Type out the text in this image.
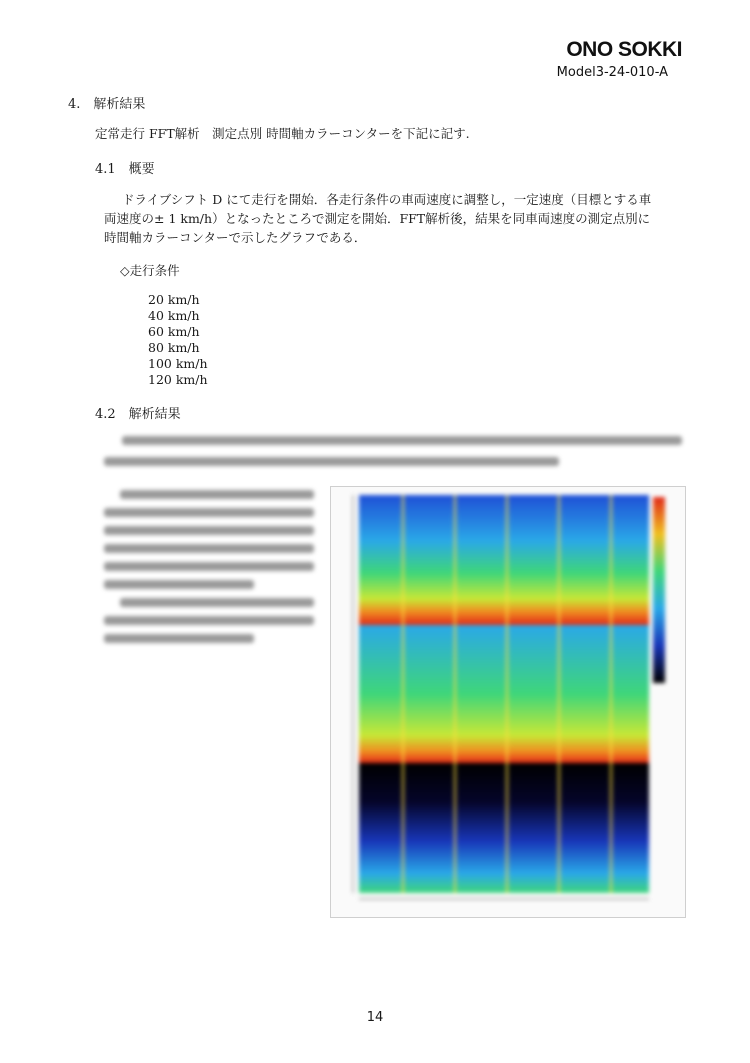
ONO SOKKI
Model3-24-010-A
4.　解析結果
定常走行 FFT解析　測定点別 時間軸カラーコンターを下記に記す.
4.1　概要
ドライブシフト D にて走行を開始．各走行条件の車両速度に調整し，一定速度（目標とする車
両速度の± 1 km/h）となったところで測定を開始．FFT解析後，結果を同車両速度の測定点別に
時間軸カラーコンターで示したグラフである．
◇走行条件
20 km/h
40 km/h
60 km/h
80 km/h
100 km/h
120 km/h
4.2　解析結果
14
